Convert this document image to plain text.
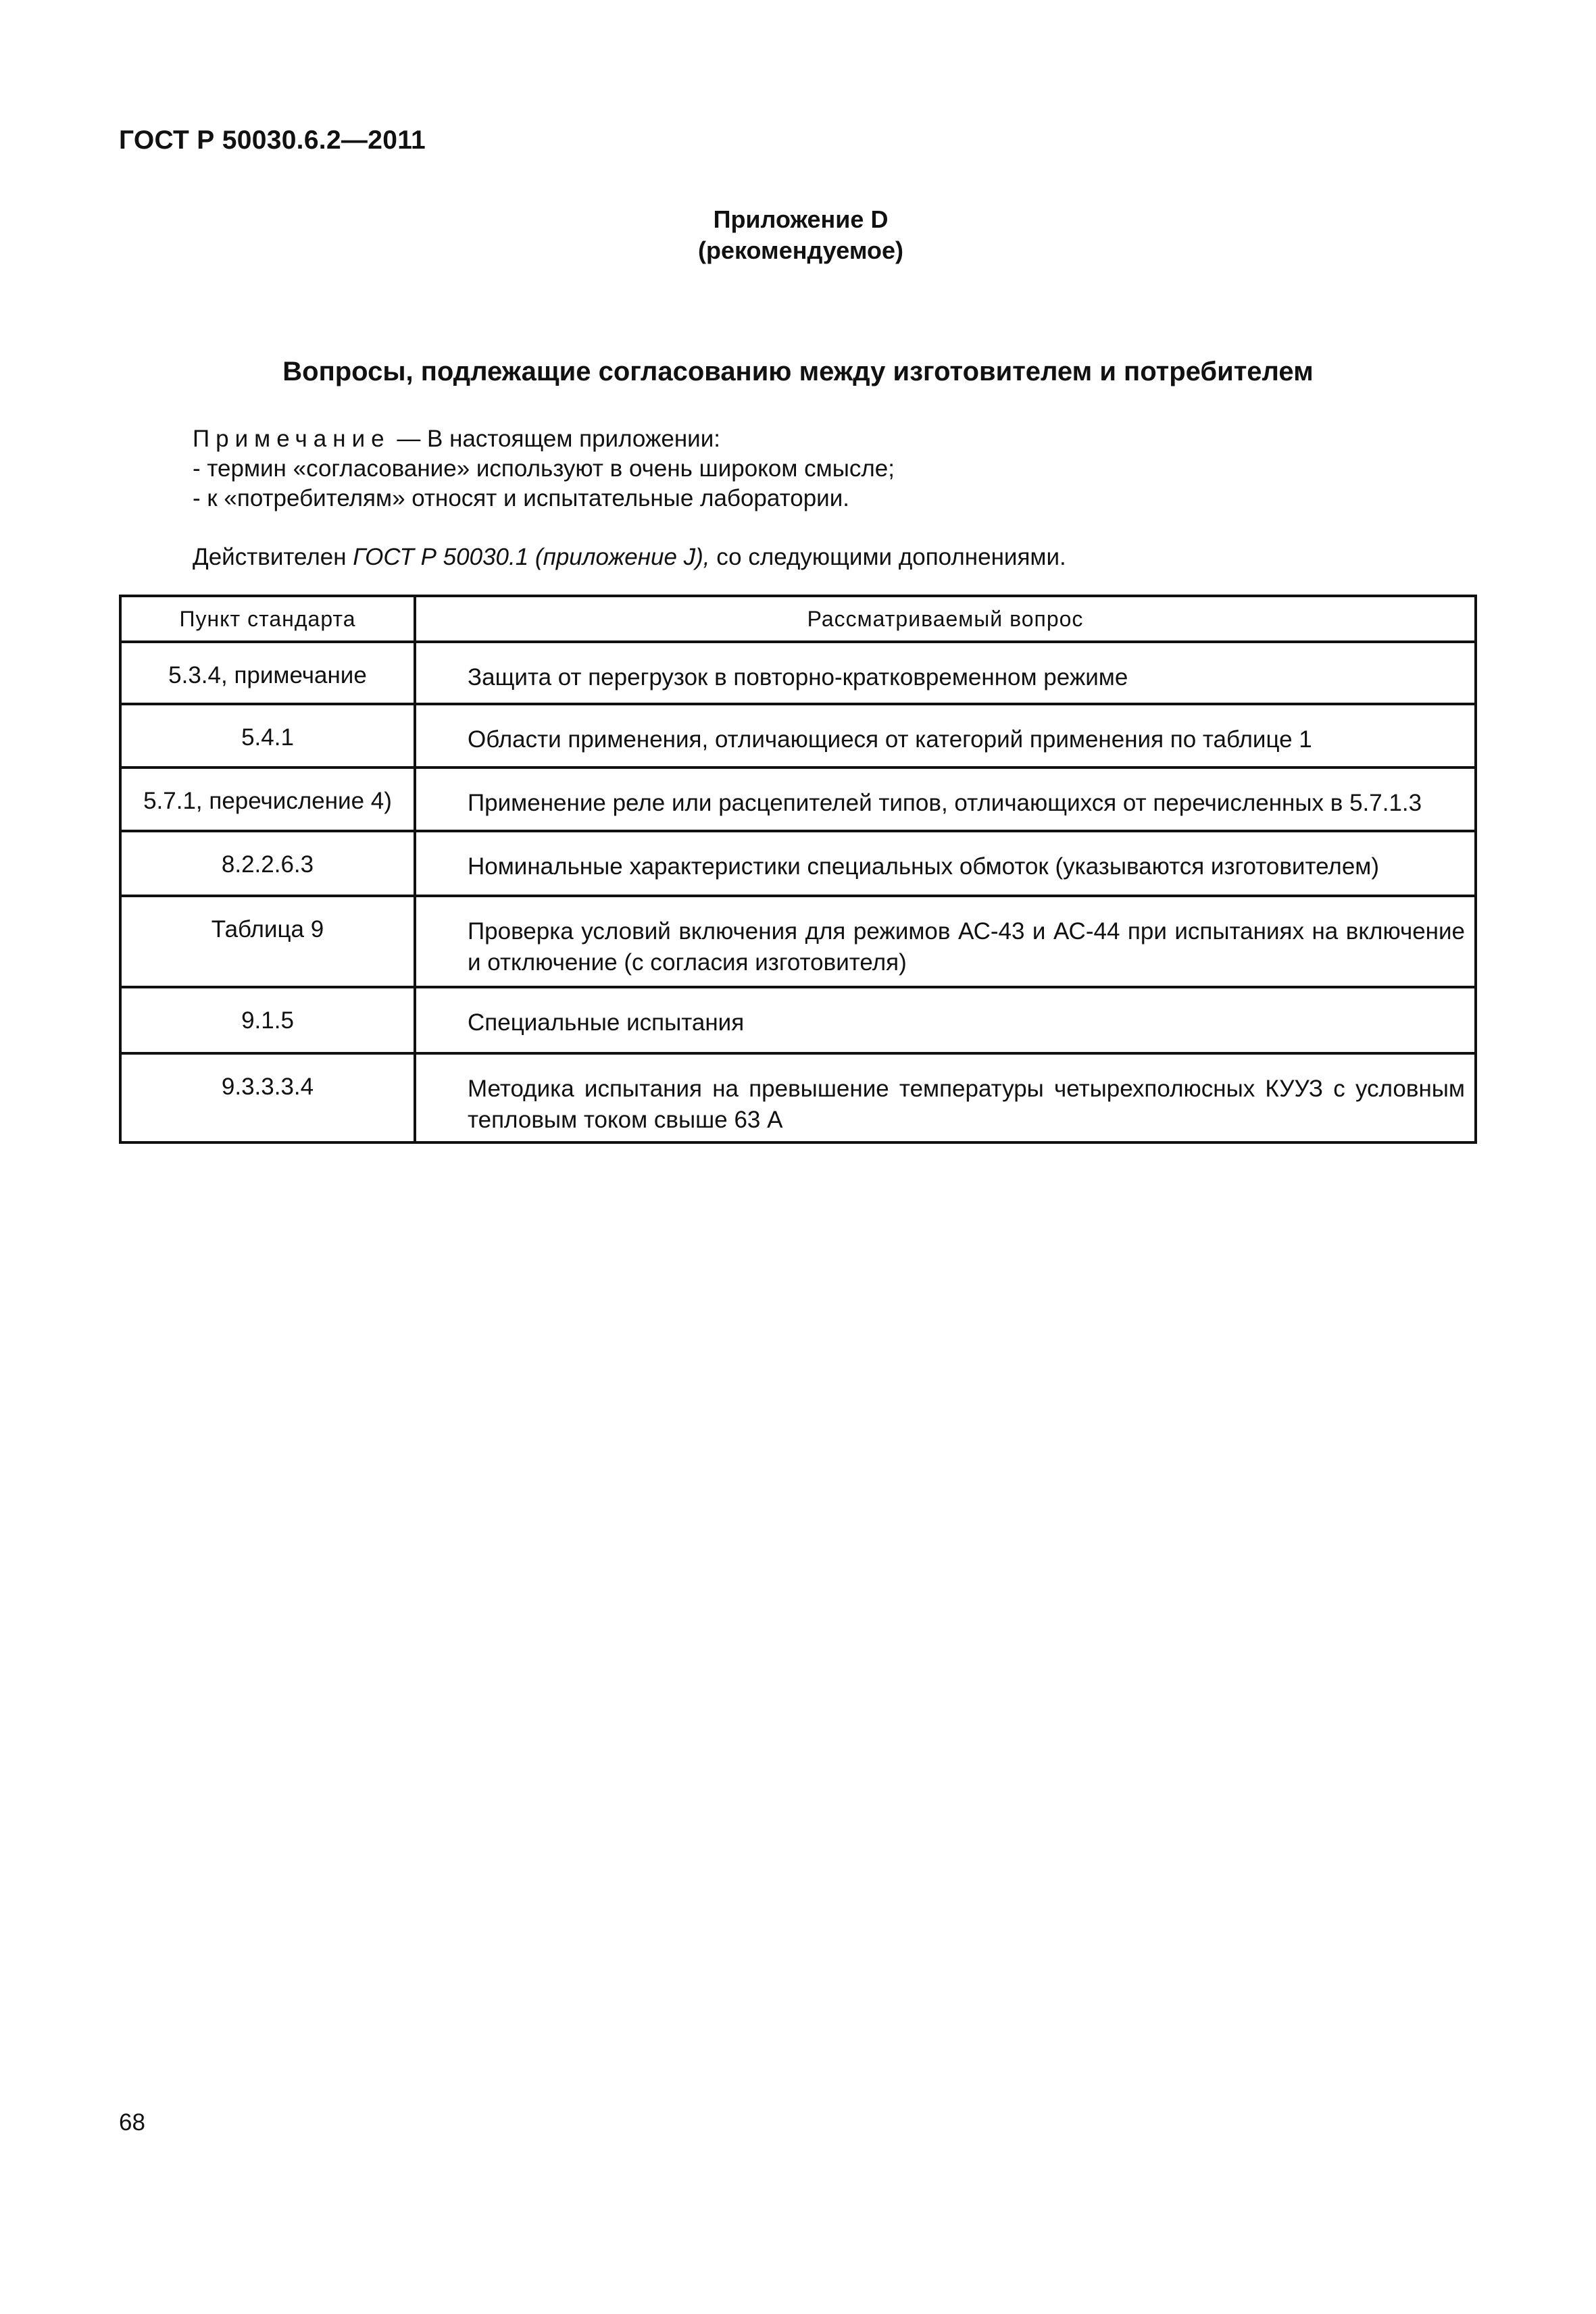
ГОСТ Р 50030.6.2—2011
Приложение D
(рекомендуемое)
Вопросы, подлежащие согласованию между изготовителем и потребителем
Примечание — В настоящем приложении:
- термин «согласование» используют в очень широком смысле;
- к «потребителям» относят и испытательные лаборатории.
Действителен ГОСТ Р 50030.1 (приложение J), со следующими дополнениями.
Пункт стандарта	Рассматриваемый вопрос
5.3.4, примечание	Защита от перегрузок в повторно-кратковременном режиме
5.4.1	Области применения, отличающиеся от категорий применения по таблице 1
5.7.1, перечисление 4)	Применение реле или расцепителей типов, отличающихся от перечисленных в 5.7.1.3
8.2.2.6.3	Номинальные характеристики специальных обмоток (указываются изготовителем)
Таблица 9	Проверка условий включения для режимов АС-43 и АС-44 при испытаниях на включение и отключение (с согласия изготовителя)
9.1.5	Специальные испытания
9.3.3.3.4	Методика испытания на превышение температуры четырехполюсных КУУЗ с условным тепловым током свыше 63 А
68
